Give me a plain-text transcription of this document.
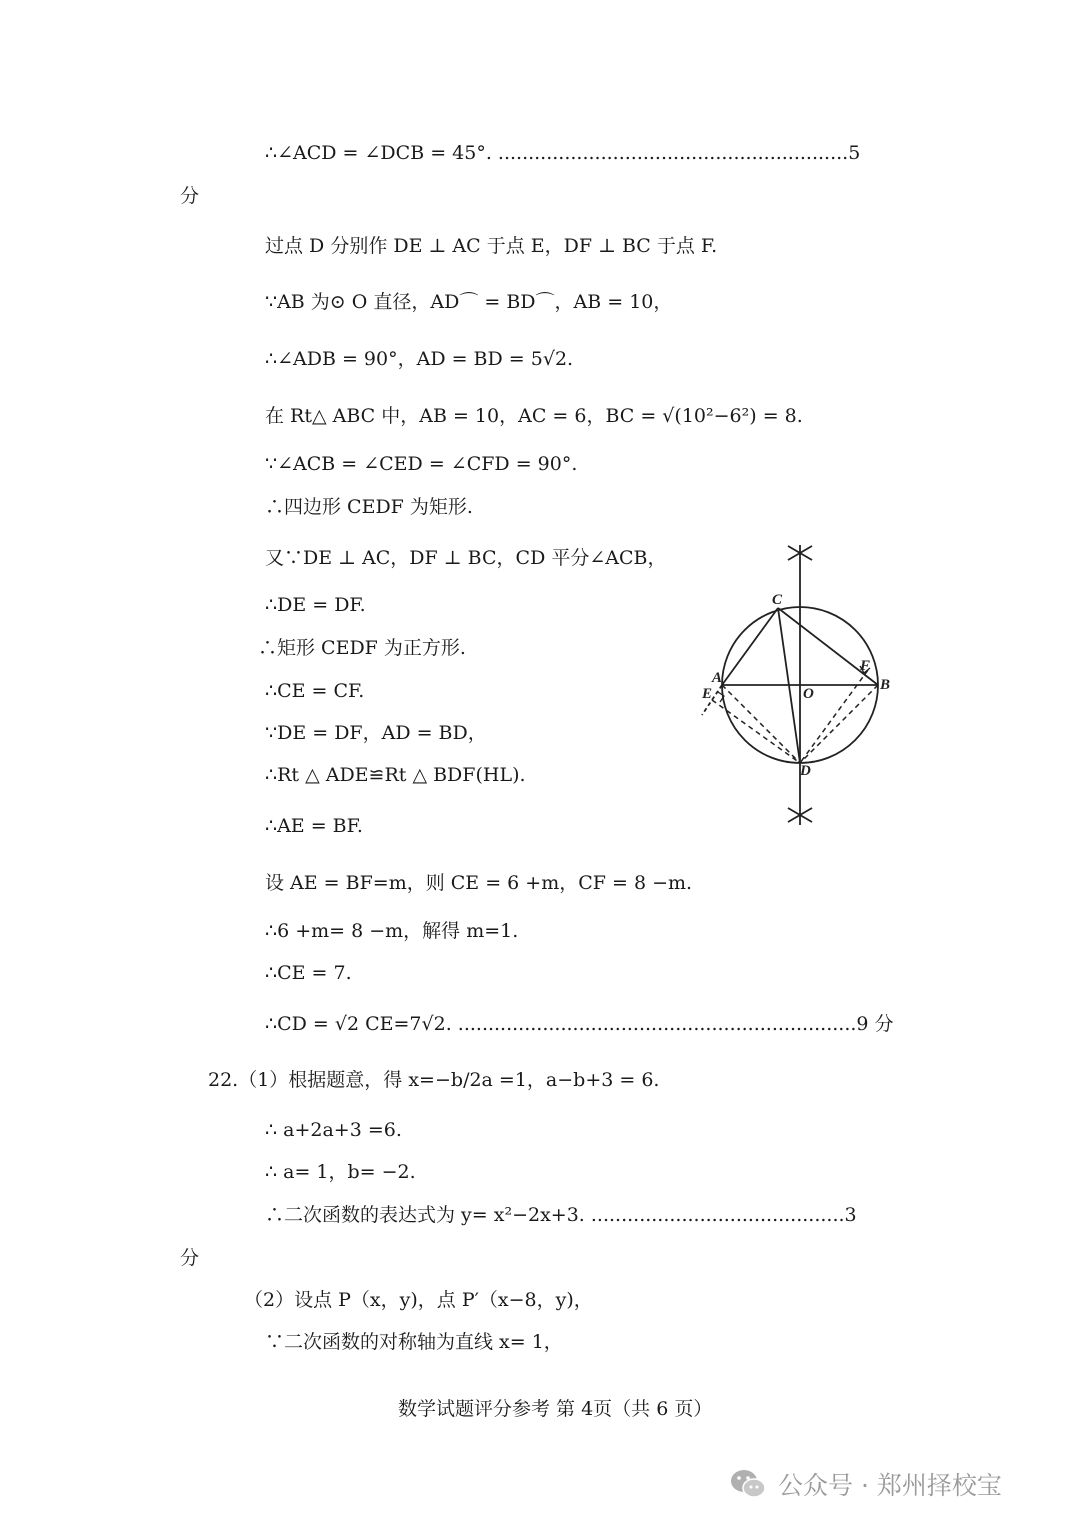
∴∠ACD = ∠DCB = 45°. ..........................................................5
分
过点 D 分别作 DE ⊥ AC 于点 E，DF ⊥ BC 于点 F.
∵AB 为⊙ O 直径，AD⌒ = BD⌒，AB = 10，
∴∠ADB = 90°，AD = BD = 5√2.
在 Rt△ ABC 中，AB = 10，AC = 6，BC = √(10²−6²) = 8.
∵∠ACB = ∠CED = ∠CFD = 90°.
∴四边形 CEDF 为矩形.
又∵DE ⊥ AC，DF ⊥ BC，CD 平分∠ACB，
∴DE = DF.
∴矩形 CEDF 为正方形.
∴CE = CF.
∵DE = DF，AD = BD，
∴Rt △ ADE≌Rt △ BDF(HL).
∴AE = BF.
设 AE = BF=m，则 CE = 6 +m，CF = 8 −m.
∴6 +m= 8 −m，解得 m=1.
∴CE = 7.
∴CD = √2 CE=7√2. ..................................................................9 分
22.（1）根据题意，得 x=−b/2a =1，a−b+3 = 6.
∴ a+2a+3 =6.
∴ a= 1，b= −2.
∴二次函数的表达式为 y= x²−2x+3. ..........................................3
分
（2）设点 P（x，y)，点 P′（x−8，y)，
∵二次函数的对称轴为直线 x= 1，
C
A
E	O
F
B
D
数学试题评分参考 第 4页（共 6 页）
公众号 · 郑州择校宝
